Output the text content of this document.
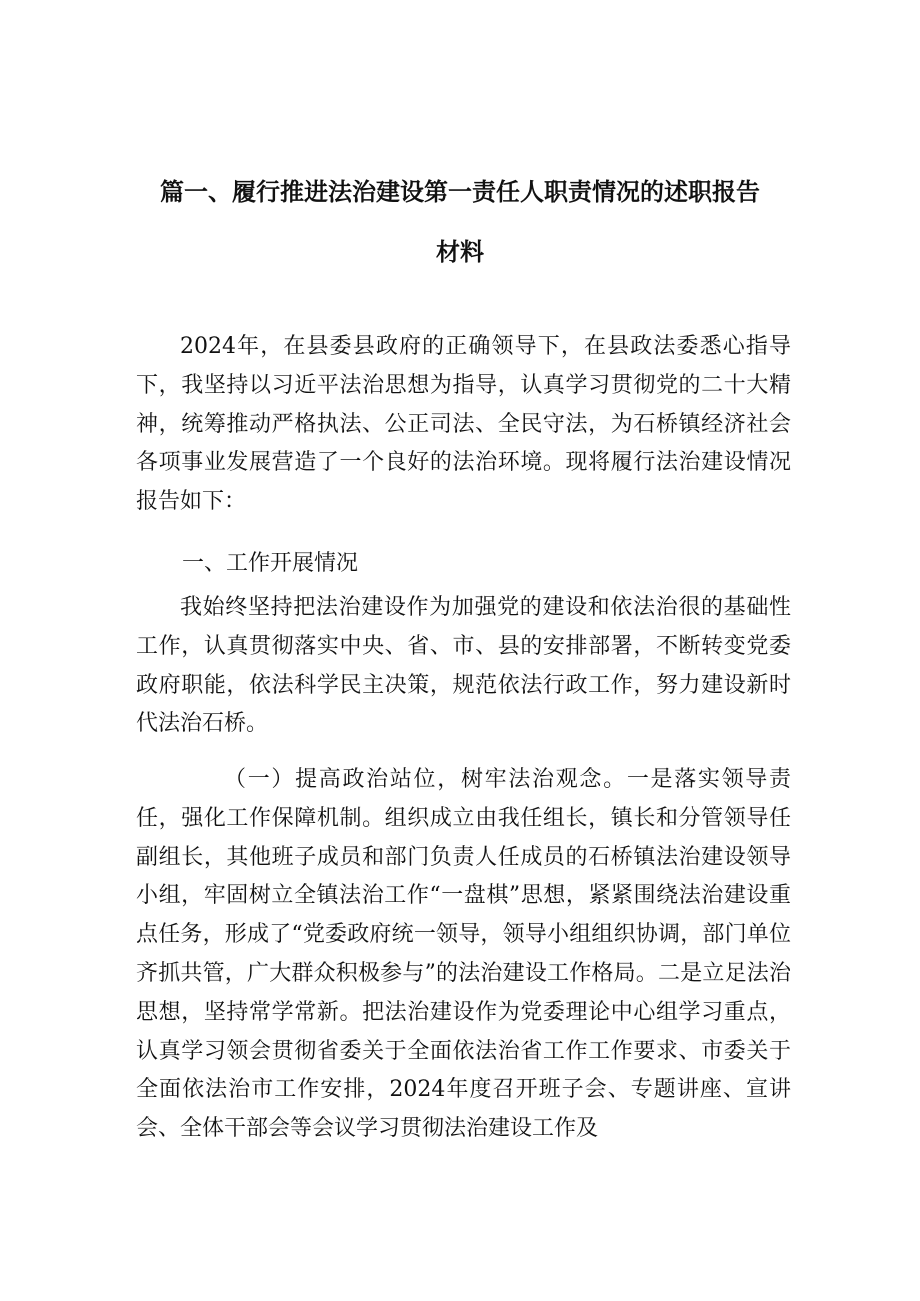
篇一、履行推进法治建设第一责任人职责情况的述职报告
材料
2024年，在县委县政府的正确领导下，在县政法委悉心指导下，我坚持以习近平法治思想为指导，认真学习贯彻党的二十大精神，统筹推动严格执法、公正司法、全民守法，为石桥镇经济社会各项事业发展营造了一个良好的法治环境。现将履行法治建设情况报告如下：
一、工作开展情况
我始终坚持把法治建设作为加强党的建设和依法治很的基础性工作，认真贯彻落实中央、省、市、县的安排部署，不断转变党委政府职能，依法科学民主决策，规范依法行政工作，努力建设新时代法治石桥。
（一）提高政治站位，树牢法治观念。一是落实领导责任，强化工作保障机制。组织成立由我任组长，镇长和分管领导任副组长，其他班子成员和部门负责人任成员的石桥镇法治建设领导小组，牢固树立全镇法治工作“一盘棋”思想，紧紧围绕法治建设重点任务，形成了“党委政府统一领导，领导小组组织协调，部门单位齐抓共管，广大群众积极参与”的法治建设工作格局。二是立足法治思想，坚持常学常新。把法治建设作为党委理论中心组学习重点，认真学习领会贯彻省委关于全面依法治省工作工作要求、市委关于全面依法治市工作安排，2024年度召开班子会、专题讲座、宣讲会、全体干部会等会议学习贯彻法治建设工作及
